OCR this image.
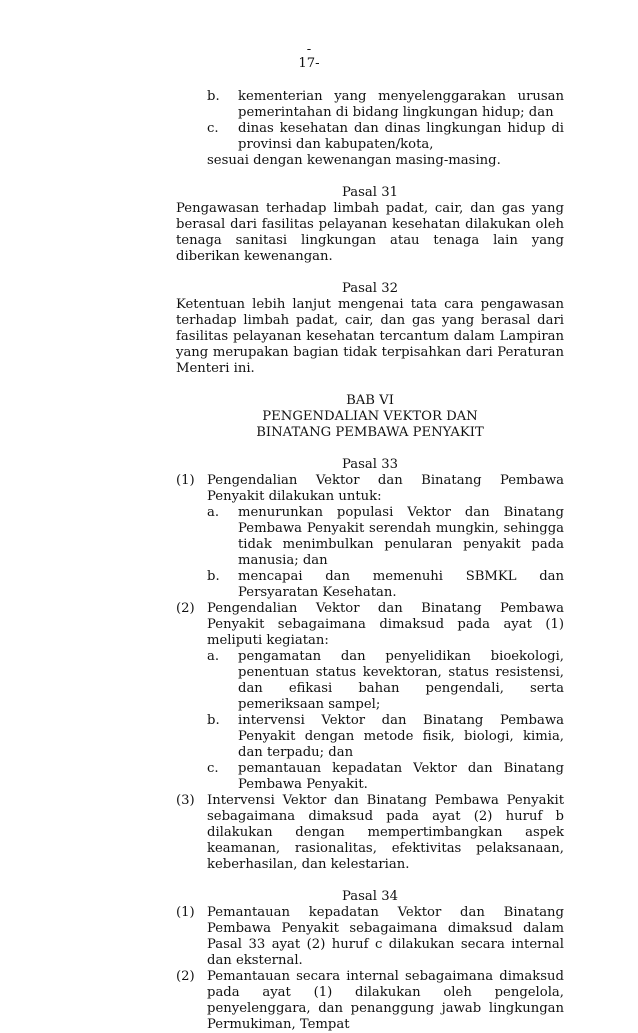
-
17-
b.	kementerian yang menyelenggarakan urusan pemerintahan di bidang lingkungan hidup; dan

c.	dinas kesehatan dan dinas lingkungan hidup di provinsi dan kabupaten/kota,

sesuai dengan kewenangan masing-masing.

Pasal 31

Pengawasan terhadap limbah padat, cair, dan gas yang berasal dari fasilitas pelayanan kesehatan dilakukan oleh tenaga sanitasi lingkungan atau tenaga lain yang diberikan kewenangan.

Pasal 32

Ketentuan lebih lanjut mengenai tata cara pengawasan terhadap limbah padat, cair, dan gas yang berasal dari fasilitas pelayanan kesehatan tercantum dalam Lampiran yang merupakan bagian tidak terpisahkan dari Peraturan Menteri ini.

BAB VI

PENGENDALIAN VEKTOR DAN

BINATANG PEMBAWA PENYAKIT

Pasal 33

(1) Pengendalian Vektor dan Binatang Pembawa Penyakit dilakukan untuk:

a.	menurunkan populasi Vektor dan Binatang Pembawa Penyakit serendah mungkin, sehingga tidak menimbulkan penularan penyakit pada manusia; dan

b.	mencapai dan memenuhi SBMKL dan Persyaratan Kesehatan.

(2) Pengendalian Vektor dan Binatang Pembawa Penyakit sebagaimana dimaksud pada ayat (1) meliputi kegiatan:

a.	pengamatan dan penyelidikan bioekologi, penentuan status kevektoran, status resistensi, dan efikasi bahan pengendali, serta pemeriksaan sampel;

b.	intervensi Vektor dan Binatang Pembawa Penyakit dengan metode fisik, biologi, kimia, dan terpadu; dan

c.	pemantauan kepadatan Vektor dan Binatang Pembawa Penyakit.

(3) Intervensi Vektor dan Binatang Pembawa Penyakit sebagaimana dimaksud pada ayat (2) huruf b dilakukan dengan mempertimbangkan aspek keamanan, rasionalitas, efektivitas pelaksanaan, keberhasilan, dan kelestarian.

Pasal 34

(1) Pemantauan kepadatan Vektor dan Binatang Pembawa Penyakit sebagaimana dimaksud dalam Pasal 33 ayat (2) huruf c dilakukan secara internal dan eksternal.

(2) Pemantauan secara internal sebagaimana dimaksud pada ayat (1) dilakukan oleh pengelola, penyelenggara, dan penanggung jawab lingkungan Permukiman, Tempat
